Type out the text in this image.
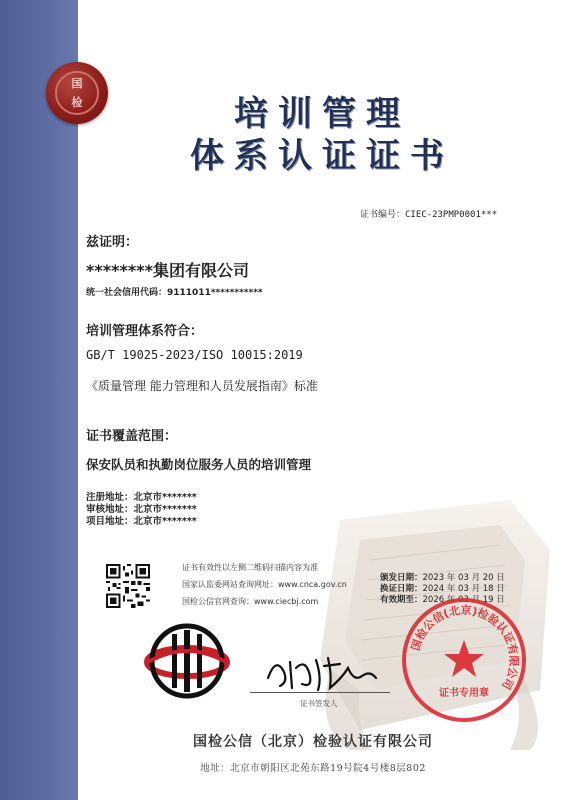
国
检	培训管理
体系认证证书
证书编号：CIEC-23PMP0001***
兹证明：
********集团有限公司
统一社会信用代码：9111011***********
培训管理体系符合：
GB/T 19025-2023/ISO 10015:2019
《质量管理 能力管理和人员发展指南》标准
证书覆盖范围：
保安队员和执勤岗位服务人员的培训管理
注册地址：北京市*******
审核地址：北京市*******
项目地址：北京市*******
证书有效性以左侧二维码扫描内容为准
国家认监委网站查询网址：www.cnca.gov.cn
国检公信官网查询：www.ciecbj.com
颁发日期：2023 年 03 月 20 日
换证日期：2024 年 03 月 18 日
有效期至：2026 年 03 月 19 日
证书签发人
国检公信(北京)检验认证有限公司
证书专用章
国检公信（北京）检验认证有限公司
地址：北京市朝阳区北苑东路19号院4号楼8层802
